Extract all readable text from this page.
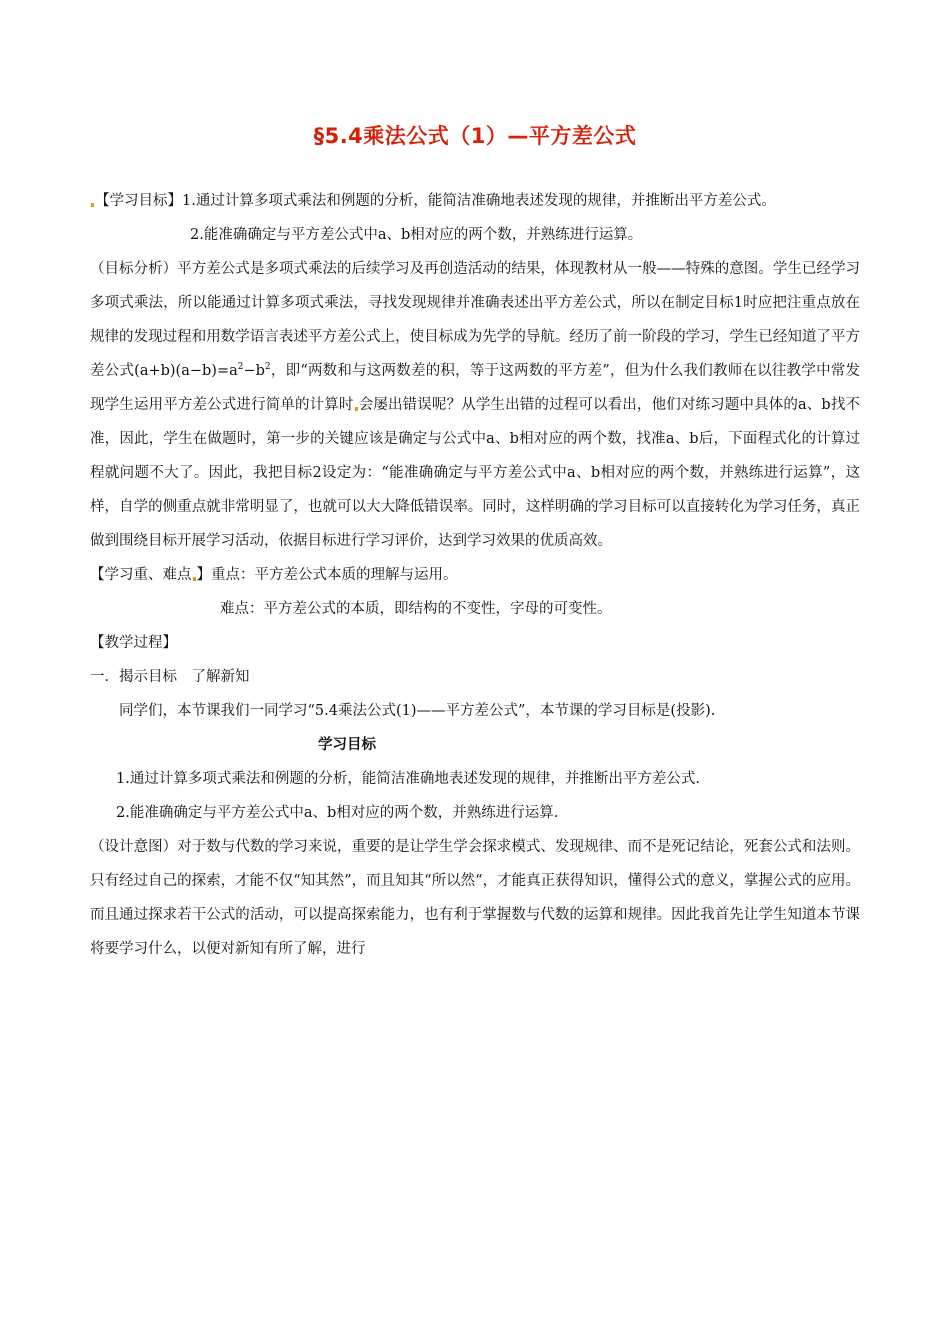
§5.4乘法公式（1）—平方差公式

【学习目标】1.通过计算多项式乘法和例题的分析，能简洁准确地表述发现的规律，并推断出平方差公式。

2.能准确确定与平方差公式中a、b相对应的两个数，并熟练进行运算。

（目标分析）平方差公式是多项式乘法的后续学习及再创造活动的结果，体现教材从一般——特殊的意图。学生已经学习多项式乘法，所以能通过计算多项式乘法，寻找发现规律并准确表述出平方差公式，所以在制定目标1时应把注重点放在规律的发现过程和用数学语言表述平方差公式上，使目标成为先学的导航。经历了前一阶段的学习，学生已经知道了平方差公式$(a+b)(a-b)=a^2-b^2$，即“两数和与这两数差的积，等于这两数的平方差”，但为什么我们教师在以往教学中常发现学生运用平方差公式进行简单的计算时 会屡出错误呢？从学生出错的过程可以看出，他们对练习题中具体的a、b找不准，因此，学生在做题时，第一步的关键应该是确定与公式中a、b相对应的两个数，找准a、b后，下面程式化的计算过程就问题不大了。因此，我把目标2设定为：“能准确确定与平方差公式中a、b相对应的两个数，并熟练进行运算”，这样，自学的侧重点就非常明显了，也就可以大大降低错误率。同时，这样明确的学习目标可以直接转化为学习任务，真正做到围绕目标开展学习活动，依据目标进行学习评价，达到学习效果的优质高效。

【学习重、难点 】重点：平方差公式本质的理解与运用。

难点：平方差公式的本质，即结构的不变性，字母的可变性。

【教学过程】

一．揭示目标　了解新知

同学们，本节课我们一同学习“5.4乘法公式(1)——平方差公式”，本节课的学习目标是(投影).

学习目标

1.通过计算多项式乘法和例题的分析，能简洁准确地表述发现的规律，并推断出平方差公式.

2.能准确确定与平方差公式中a、b相对应的两个数，并熟练进行运算.

（设计意图）对于数与代数的学习来说，重要的是让学生学会探求模式、发现规律、而不是死记结论，死套公式和法则。只有经过自己的探索，才能不仅“知其然”，而且知其“所以然“，才能真正获得知识，懂得公式的意义，掌握公式的应用。而且通过探求若干公式的活动，可以提高探索能力，也有利于掌握数与代数的运算和规律。因此我首先让学生知道本节课将要学习什么，以便对新知有所了解，进行
